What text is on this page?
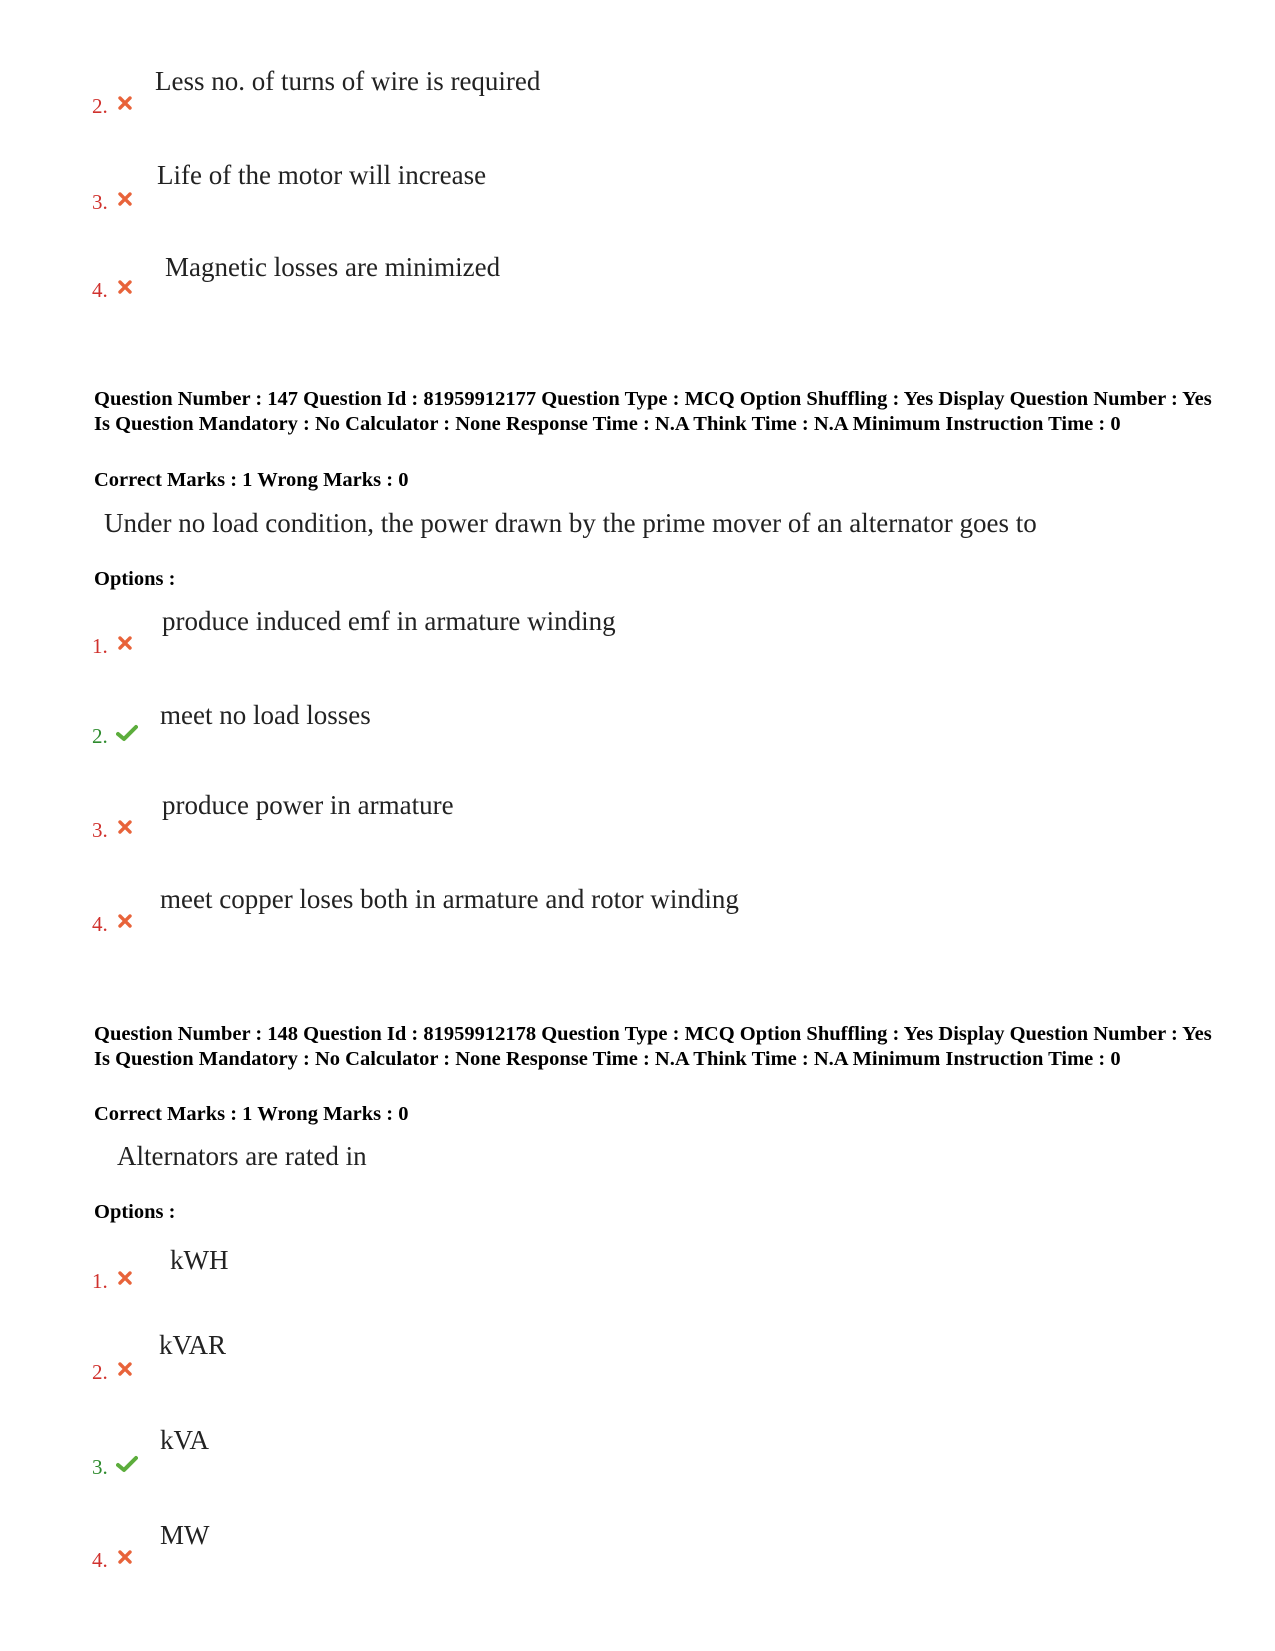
Less no. of turns of wire is required
2.
Life of the motor will increase
3.
Magnetic losses are minimized
4.
Question Number : 147 Question Id : 81959912177 Question Type : MCQ Option Shuffling : Yes Display Question Number : Yes Is Question Mandatory : No Calculator : None Response Time : N.A Think Time : N.A Minimum Instruction Time : 0
Correct Marks : 1 Wrong Marks : 0
Under no load condition, the power drawn by the prime mover of an alternator goes to
Options :
produce induced emf in armature winding
1.
meet no load losses
2.
produce power in armature
3.
meet copper loses both in armature and rotor winding
4.
Question Number : 148 Question Id : 81959912178 Question Type : MCQ Option Shuffling : Yes Display Question Number : Yes Is Question Mandatory : No Calculator : None Response Time : N.A Think Time : N.A Minimum Instruction Time : 0
Correct Marks : 1 Wrong Marks : 0
Alternators are rated in
Options :
kWH
1.
kVAR
2.
kVA
3.
MW
4.
